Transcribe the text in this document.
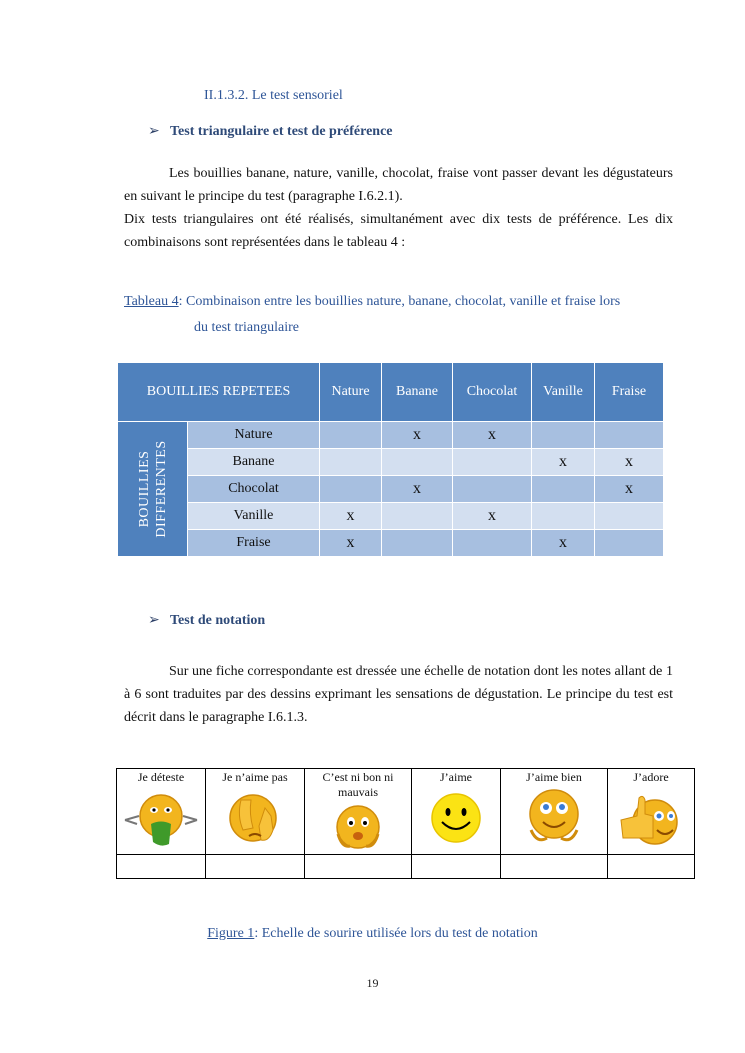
II.1.3.2. Le test sensoriel
➢ Test triangulaire et test de préférence
Les bouillies banane, nature, vanille, chocolat, fraise vont passer devant les dégustateurs en suivant le principe du test (paragraphe I.6.2.1).
Dix tests triangulaires ont été réalisés, simultanément avec dix tests de préférence. Les dix combinaisons sont représentées dans le tableau 4 :
Tableau 4: Combinaison entre les bouillies nature, banane, chocolat, vanille et fraise lors
du test triangulaire
BOUILLIES REPETEES		Nature	Banane	Chocolat	Vanille	Fraise

BOUILLIES DIFFERENTES	Nature		x	x		
	Banane				x	x
	Chocolat		x			x
	Vanille	x		x		
	Fraise	x			x	
➢ Test de notation
Sur une fiche correspondante est dressée une échelle de notation dont les notes allant de 1 à 6 sont traduites par des dessins exprimant les sensations de dégustation. Le principe du test est décrit dans le paragraphe I.6.1.3.
Je déteste	Je n’aime pas	C’est ni bon ni mauvais	J’aime	J’aime bien	J’adore

Figure 1: Echelle de sourire utilisée lors du test de notation
19
